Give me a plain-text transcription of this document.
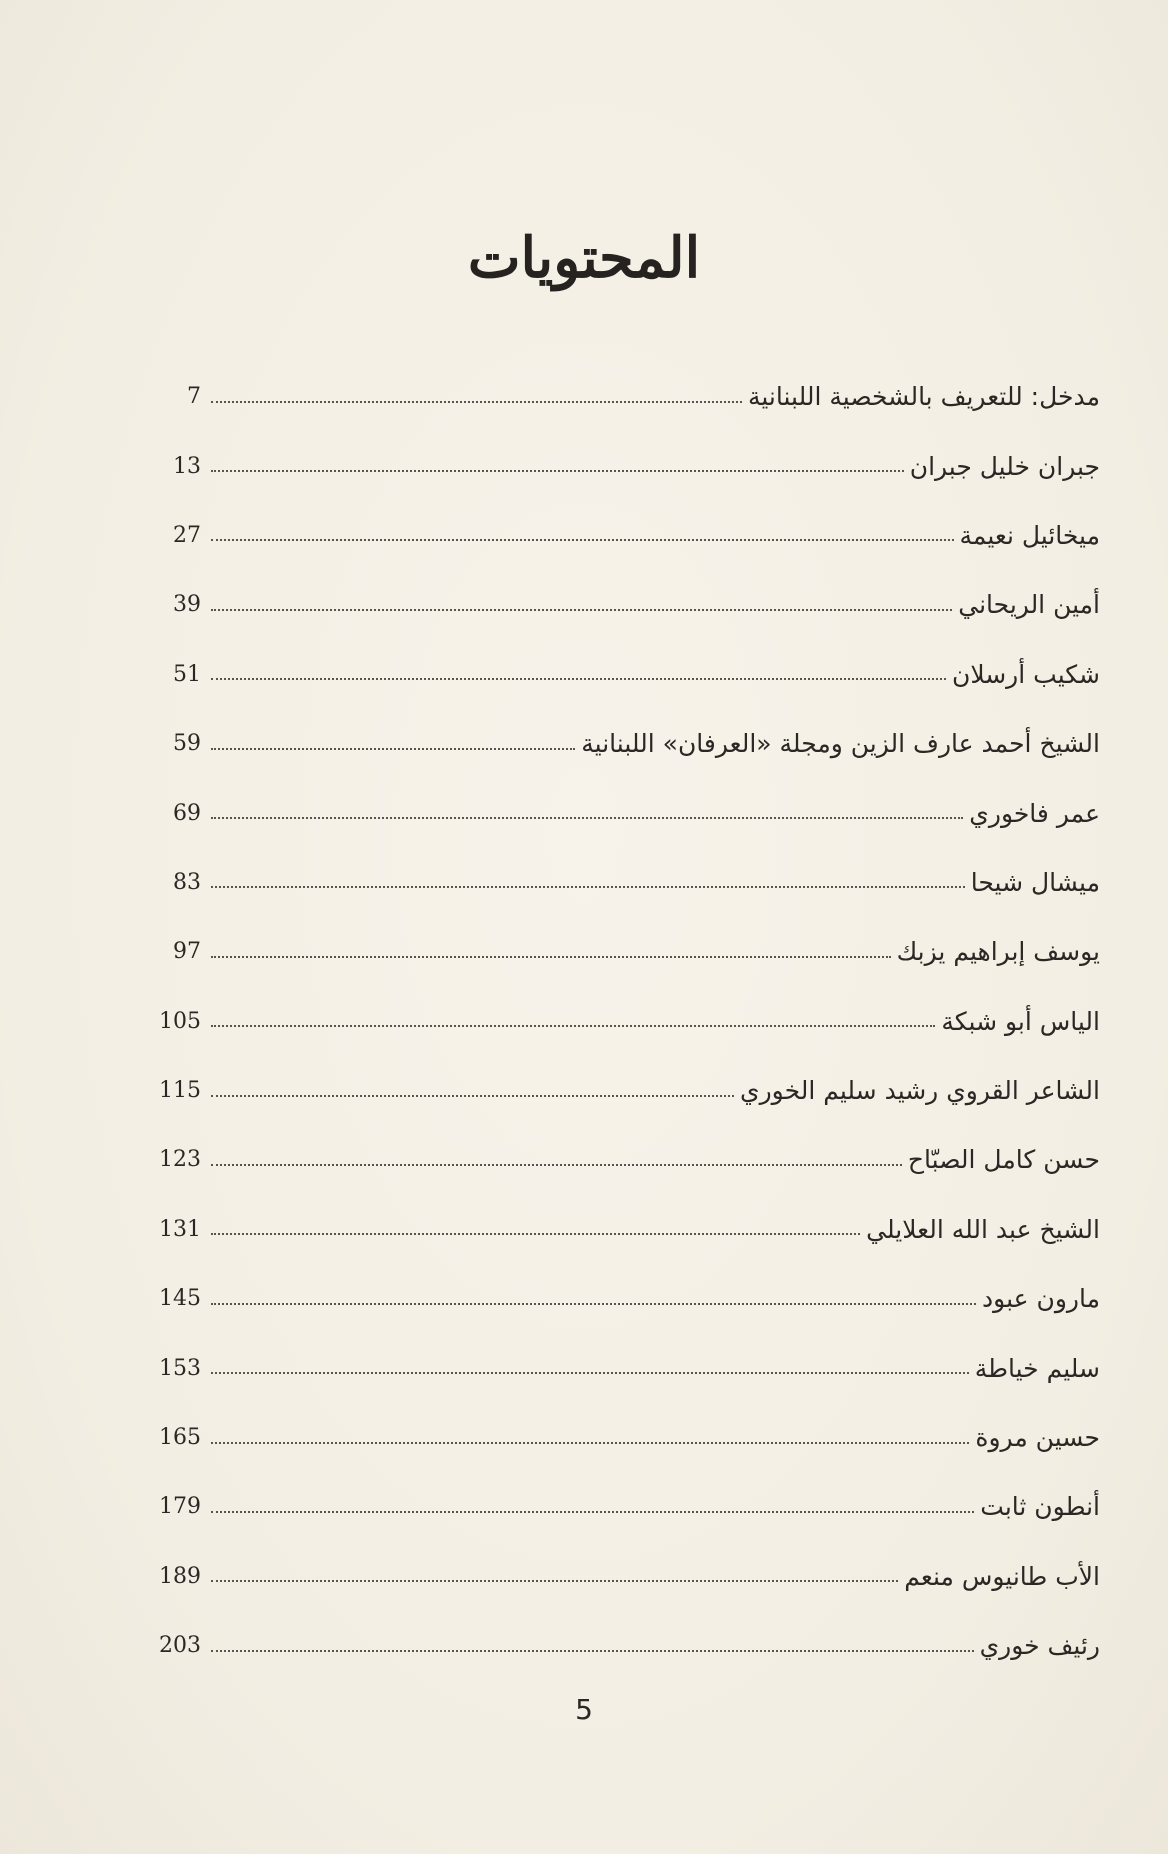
المحتويات
7	مدخل: للتعريف بالشخصية اللبنانية
13	جبران خليل جبران
27	ميخائيل نعيمة
39	أمين الريحاني
51	شكيب أرسلان
59	الشيخ أحمد عارف الزين ومجلة «العرفان» اللبنانية
69	عمر فاخوري
83	ميشال شيحا
97	يوسف إبراهيم يزبك
105	الياس أبو شبكة
115	الشاعر القروي رشيد سليم الخوري
123	حسن كامل الصبّاح
131	الشيخ عبد الله العلايلي
145	مارون عبود
153	سليم خياطة
165	حسين مروة
179	أنطون ثابت
189	الأب طانيوس منعم
203	رئيف خوري
5
